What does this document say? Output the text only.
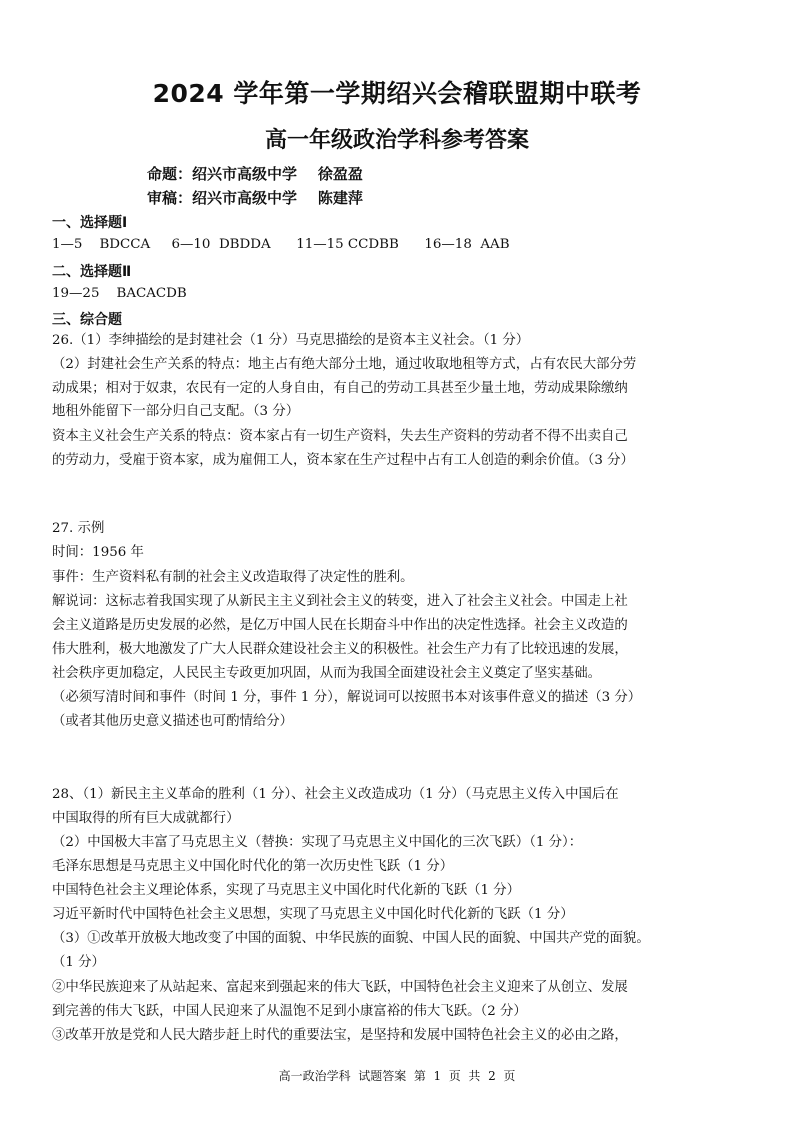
2024 学年第一学期绍兴会稽联盟期中联考
高一年级政治学科参考答案
命题：绍兴市高级中学    徐盈盈
审稿：绍兴市高级中学    陈建萍
一、选择题Ⅰ
1—5    BDCCA     6—10  DBDDA      11—15 CCDBB      16—18  AAB
二、选择题Ⅱ
19—25    BACACDB
三、综合题
26.（1）李绅描绘的是封建社会（1 分）马克思描绘的是资本主义社会。（1 分）
（2）封建社会生产关系的特点：地主占有绝大部分土地，通过收取地租等方式，占有农民大部分劳
动成果；相对于奴隶，农民有一定的人身自由，有自己的劳动工具甚至少量土地，劳动成果除缴纳
地租外能留下一部分归自己支配。（3 分）
资本主义社会生产关系的特点：资本家占有一切生产资料，失去生产资料的劳动者不得不出卖自己
的劳动力，受雇于资本家，成为雇佣工人，资本家在生产过程中占有工人创造的剩余价值。（3 分）
27. 示例
时间：1956 年
事件：生产资料私有制的社会主义改造取得了决定性的胜利。
解说词：这标志着我国实现了从新民主主义到社会主义的转变，进入了社会主义社会。中国走上社
会主义道路是历史发展的必然，是亿万中国人民在长期奋斗中作出的决定性选择。社会主义改造的
伟大胜利，极大地激发了广大人民群众建设社会主义的积极性。社会生产力有了比较迅速的发展，
社会秩序更加稳定，人民民主专政更加巩固，从而为我国全面建设社会主义奠定了坚实基础。
（必须写清时间和事件（时间 1 分，事件 1 分），解说词可以按照书本对该事件意义的描述（3 分）
（或者其他历史意义描述也可酌情给分）
28、（1）新民主主义革命的胜利（1 分）、社会主义改造成功（1 分）（马克思主义传入中国后在
中国取得的所有巨大成就都行）
（2）中国极大丰富了马克思主义（替换：实现了马克思主义中国化的三次飞跃）（1 分）：
毛泽东思想是马克思主义中国化时代化的第一次历史性飞跃（1 分）
中国特色社会主义理论体系，实现了马克思主义中国化时代化新的飞跃（1 分）
习近平新时代中国特色社会主义思想，实现了马克思主义中国化时代化新的飞跃（1 分）
（3）①改革开放极大地改变了中国的面貌、中华民族的面貌、中国人民的面貌、中国共产党的面貌。
（1 分）
②中华民族迎来了从站起来、富起来到强起来的伟大飞跃，中国特色社会主义迎来了从创立、发展
到完善的伟大飞跃，中国人民迎来了从温饱不足到小康富裕的伟大飞跃。（2 分）
③改革开放是党和人民大踏步赶上时代的重要法宝，是坚持和发展中国特色社会主义的必由之路，
高一政治学科  试题答案  第  1  页  共  2  页
